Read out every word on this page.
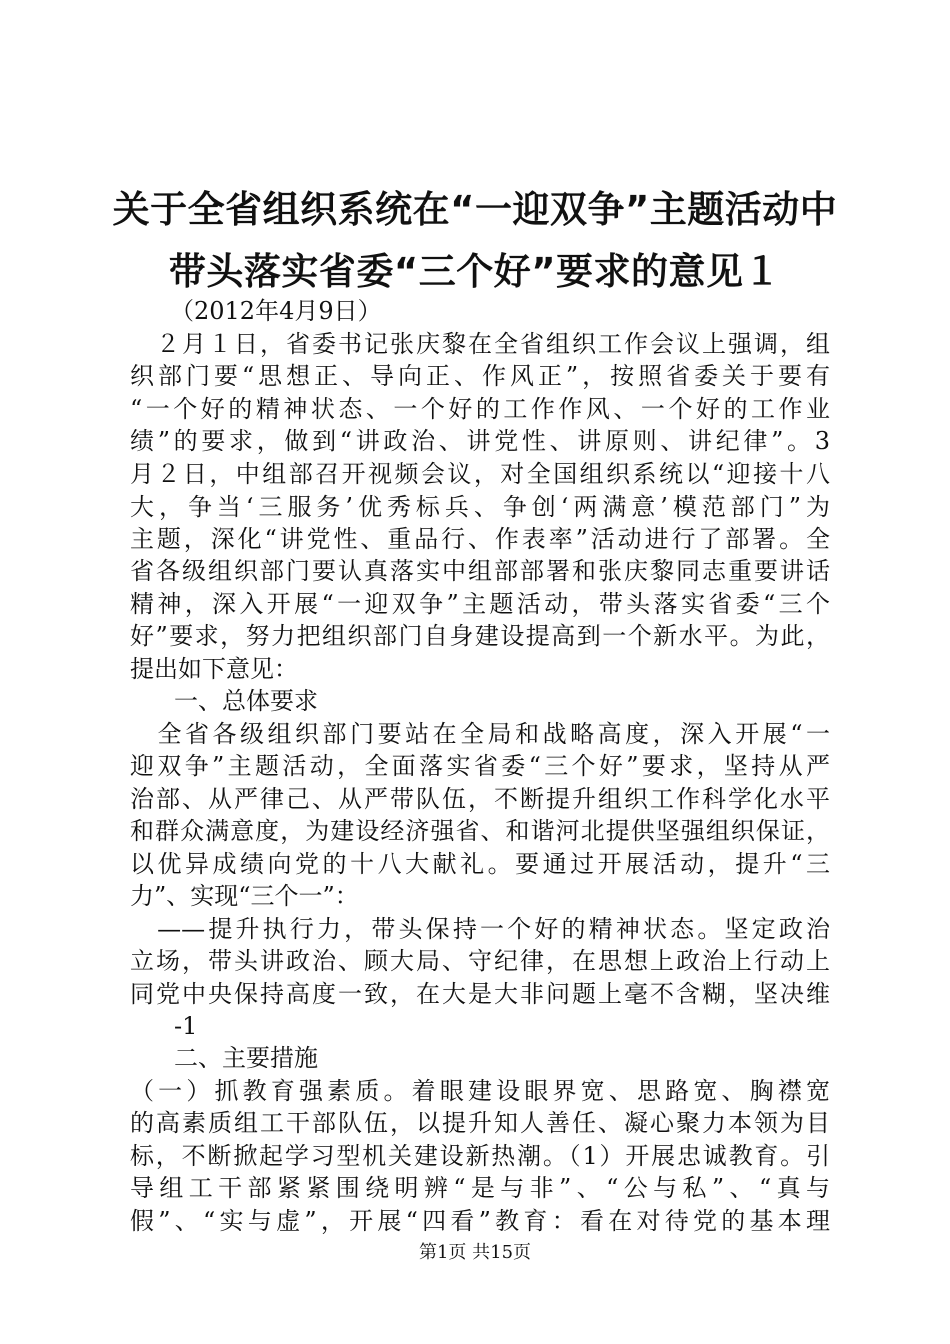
关于全省组织系统在“一迎双争”主题活动中
带头落实省委“三个好”要求的意见１
（2012年4月9日）
　２月１日，省委书记张庆黎在全省组织工作会议上强调，组
织部门要“思想正、导向正、作风正”，按照省委关于要有
“一个好的精神状态、一个好的工作作风、一个好的工作业
绩”的要求，做到“讲政治、讲党性、讲原则、讲纪律”。3
月２日，中组部召开视频会议，对全国组织系统以“迎接十八
大，争当‘三服务’优秀标兵、争创‘两满意’模范部门”为
主题，深化“讲党性、重品行、作表率”活动进行了部署。全
省各级组织部门要认真落实中组部部署和张庆黎同志重要讲话
精神，深入开展“一迎双争”主题活动，带头落实省委“三个
好”要求，努力把组织部门自身建设提高到一个新水平。为此，
提出如下意见：
　一、总体要求
　全省各级组织部门要站在全局和战略高度，深入开展“一
迎双争”主题活动，全面落实省委“三个好”要求，坚持从严
治部、从严律己、从严带队伍，不断提升组织工作科学化水平
和群众满意度，为建设经济强省、和谐河北提供坚强组织保证，
以优异成绩向党的十八大献礼。要通过开展活动，提升“三
力”、实现“三个一”：
　——提升执行力，带头保持一个好的精神状态。坚定政治
立场，带头讲政治、顾大局、守纪律，在思想上政治上行动上
同党中央保持高度一致，在大是大非问题上毫不含糊，坚决维
　-1
　二、主要措施
（一）抓教育强素质。着眼建设眼界宽、思路宽、胸襟宽
的高素质组工干部队伍，以提升知人善任、凝心聚力本领为目
标，不断掀起学习型机关建设新热潮。（1）开展忠诚教育。引
导组工干部紧紧围绕明辨“是与非”、“公与私”、“真与
假”、“实与虚”，开展“四看”教育：看在对待党的基本理
第1页 共15页
